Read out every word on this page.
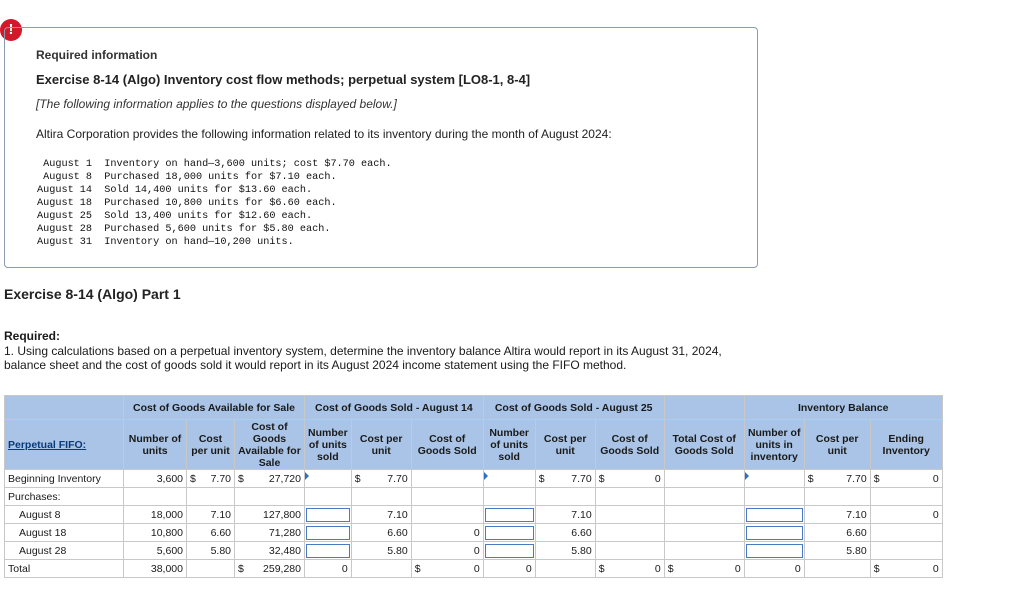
!
Required information
Exercise 8-14 (Algo) Inventory cost flow methods; perpetual system [LO8-1, 8-4]
[The following information applies to the questions displayed below.]
Altira Corporation provides the following information related to its inventory during the month of August 2024:
August 1  Inventory on hand—3,600 units; cost $7.70 each.
August 8  Purchased 18,000 units for $7.10 each.
August 14  Sold 14,400 units for $13.60 each.
August 18  Purchased 10,800 units for $6.60 each.
August 25  Sold 13,400 units for $12.60 each.
August 28  Purchased 5,600 units for $5.80 each.
August 31  Inventory on hand—10,200 units.
Exercise 8-14 (Algo) Part 1
Required:
1. Using calculations based on a perpetual inventory system, determine the inventory balance Altira would report in its August 31, 2024, balance sheet and the cost of goods sold it would report in its August 2024 income statement using the FIFO method.
	Cost of Goods Available for Sale			Cost of Goods Sold - August 14			Cost of Goods Sold - August 25				Inventory Balance		
Perpetual FIFO:	Number of units	Cost per unit	Cost of Goods Available for Sale	Number of units sold	Cost per unit	Cost of Goods Sold	Number of units sold	Cost per unit	Cost of Goods Sold	Total Cost of Goods Sold	Number of units in inventory	Cost per unit	Ending Inventory
Beginning Inventory	3,600	$ 7.70	$ 27,720		$ 7.70			$ 7.70	$ 0			$ 7.70	$ 0
Purchases:													
August 8	18,000	7.10	127,800		7.10			7.10				7.10	0
August 18	10,800	6.60	71,280		6.60	0		6.60				6.60	
August 28	5,600	5.80	32,480		5.80	0		5.80				5.80	
Total	38,000		$ 259,280	0		$ 0	0		$ 0	$ 0	0		$ 0
